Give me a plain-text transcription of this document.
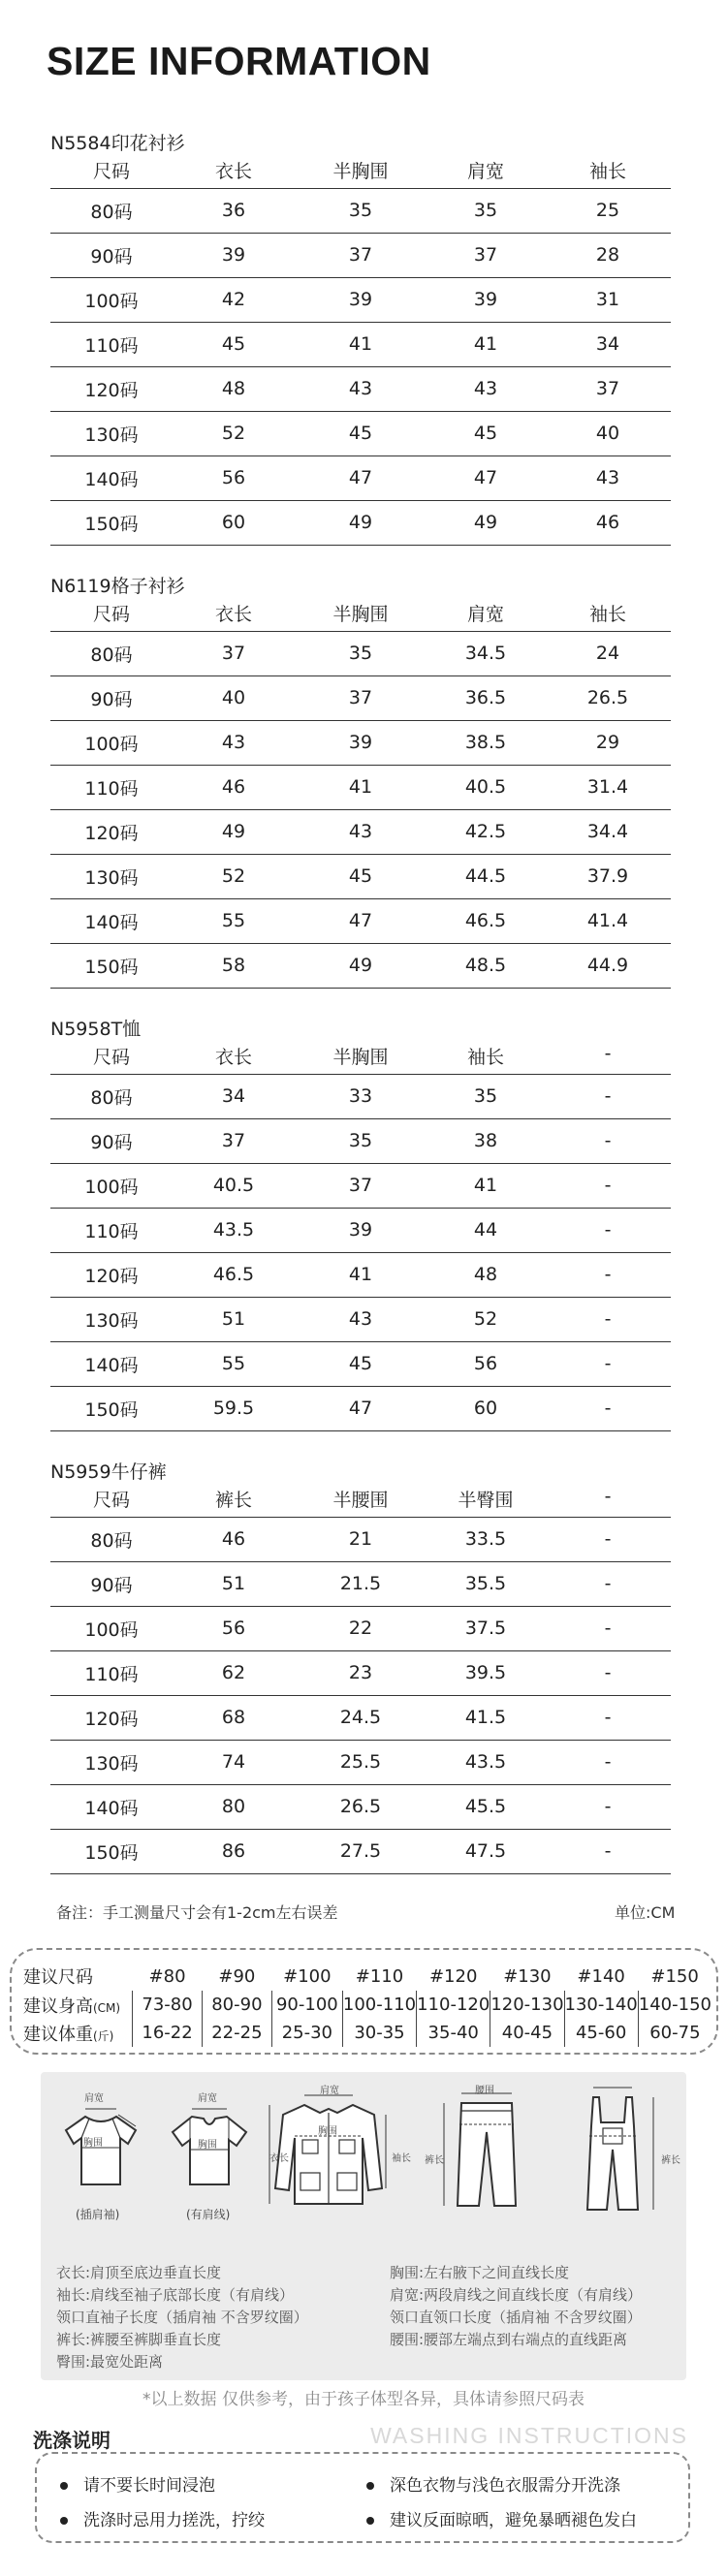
SIZE INFORMATION
N5584印花衬衫
尺码	衣长	半胸围	肩宽	袖长
80码	36	35	35	25
90码	39	37	37	28
100码	42	39	39	31
110码	45	41	41	34
120码	48	43	43	37
130码	52	45	45	40
140码	56	47	47	43
150码	60	49	49	46
N6119格子衬衫
尺码	衣长	半胸围	肩宽	袖长
80码	37	35	34.5	24
90码	40	37	36.5	26.5
100码	43	39	38.5	29
110码	46	41	40.5	31.4
120码	49	43	42.5	34.4
130码	52	45	44.5	37.9
140码	55	47	46.5	41.4
150码	58	49	48.5	44.9
N5958T恤
尺码	衣长	半胸围	袖长	-
80码	34	33	35	-
90码	37	35	38	-
100码	40.5	37	41	-
110码	43.5	39	44	-
120码	46.5	41	48	-
130码	51	43	52	-
140码	55	45	56	-
150码	59.5	47	60	-
N5959牛仔裤
尺码	裤长	半腰围	半臀围	-
80码	46	21	33.5	-
90码	51	21.5	35.5	-
100码	56	22	37.5	-
110码	62	23	39.5	-
120码	68	24.5	41.5	-
130码	74	25.5	43.5	-
140码	80	26.5	45.5	-
150码	86	27.5	47.5	-
备注：手工测量尺寸会有1-2cm左右误差	单位:CM
建议尺码	#80	#90	#100	#110	#120	#130	#140	#150
建议身高(CM)	73-80	80-90	90-100	100-110	110-120	120-130	130-140	140-150
建议体重(斤)	16-22	22-25	25-30	30-35	35-40	40-45	45-60	60-75
肩宽
胸围
(插肩袖)
肩宽
胸围
(有肩线)
肩宽
胸围
衣长	袖长
腰围
裤长	裤长
衣长:肩顶至底边垂直长度
袖长:肩线至袖子底部长度（有肩线）
领口直袖子长度（插肩袖 不含罗纹圈）
裤长:裤腰至裤脚垂直长度
臀围:最宽处距离
胸围:左右腋下之间直线长度
肩宽:两段肩线之间直线长度（有肩线）
领口直领口长度（插肩袖 不含罗纹圈）
腰围:腰部左端点到右端点的直线距离
*以上数据 仅供参考，由于孩子体型各异，具体请参照尺码表
洗涤说明	WASHING INSTRUCTIONS
请不要长时间浸泡	深色衣物与浅色衣服需分开洗涤
洗涤时忌用力搓洗，拧绞	建议反面晾晒，避免暴晒褪色发白
